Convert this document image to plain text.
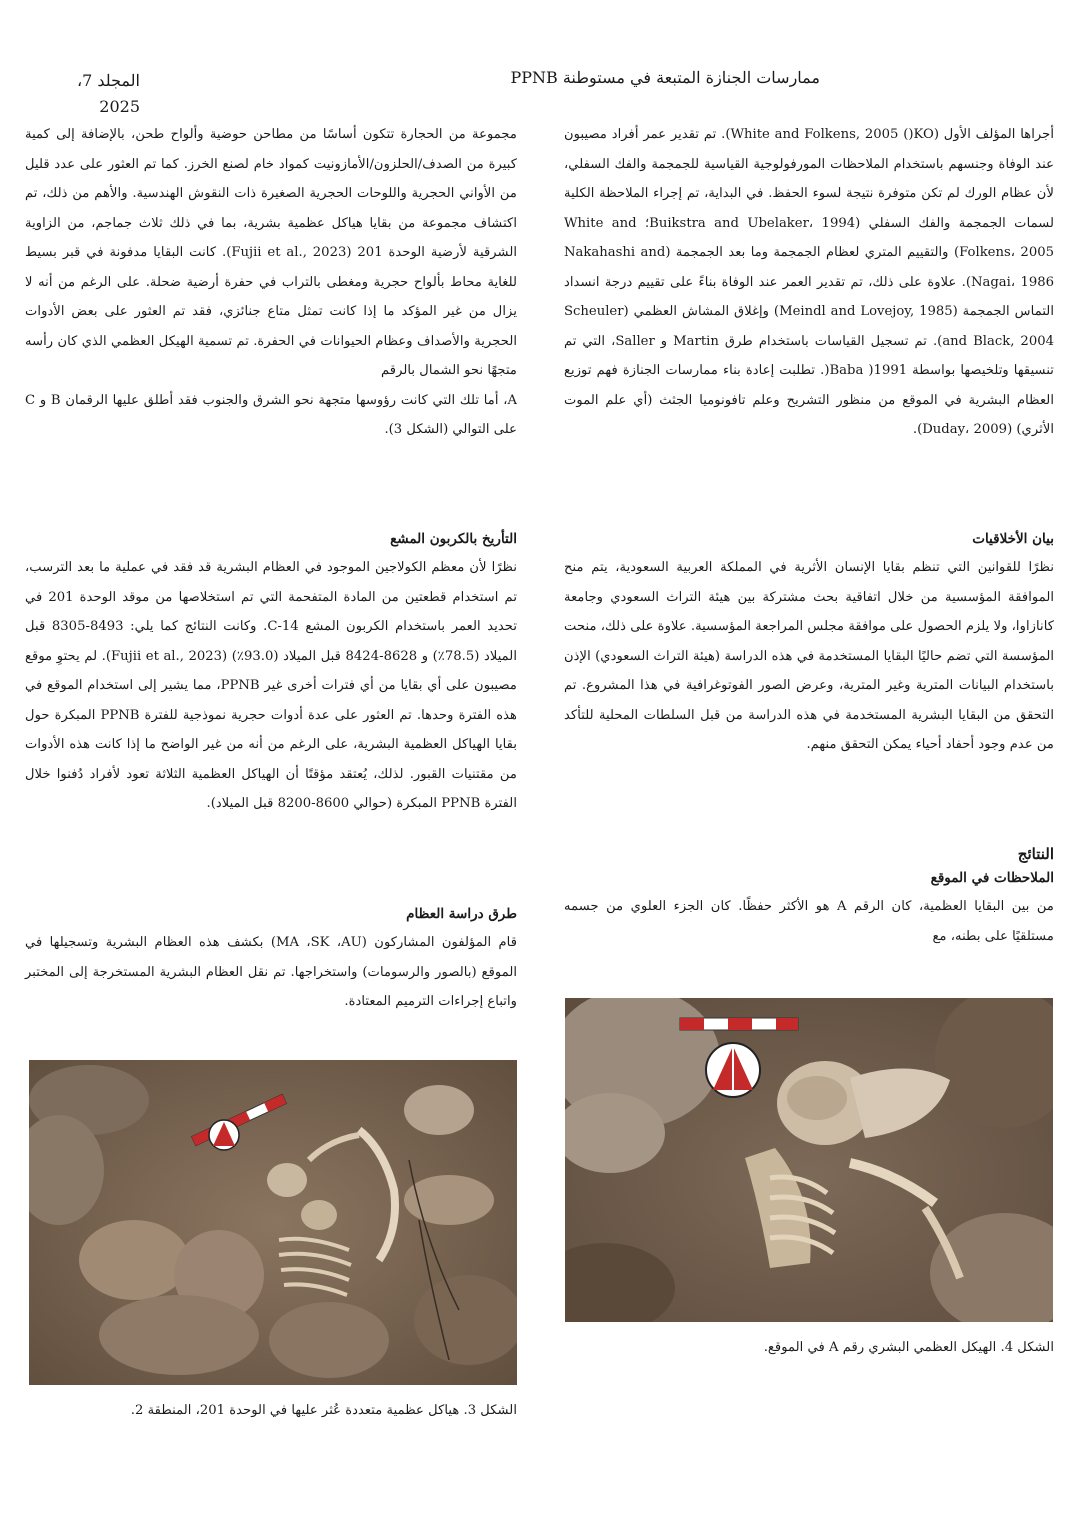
ممارسات الجنازة المتبعة في مستوطنة PPNB
المجلد 7،
2025

أجراها المؤلف الأول (White and Folkens, 2005 ()KO). تم تقدير عمر أفراد مصيبون عند الوفاة وجنسهم باستخدام الملاحظات المورفولوجية القياسية للجمجمة والفك السفلي، لأن عظام الورك لم تكن متوفرة نتيجة لسوء الحفظ. في البداية، تم إجراء الملاحظة الكلية لسمات الجمجمة والفك السفلي (Buikstra and Ubelaker، 1994؛ White and Folkens، 2005) والتقييم المتري لعظام الجمجمة وما بعد الجمجمة (Nakahashi and Nagai، 1986). علاوة على ذلك، تم تقدير العمر عند الوفاة بناءً على تقييم درجة انسداد التماس الجمجمة (Meindl and Lovejoy, 1985) وإغلاق المشاش العظمي (Scheuler and Black, 2004). تم تسجيل القياسات باستخدام طرق Martin و Saller، التي تم تنسيقها وتلخيصها بواسطة Baba )1991(. تطلبت إعادة بناء ممارسات الجنازة فهم توزيع العظام البشرية في الموقع من منظور التشريح وعلم تافونوميا الجثث (أي علم الموت الأثري) (Duday، 2009).

بيان الأخلاقيات

نظرًا للقوانين التي تنظم بقايا الإنسان الأثرية في المملكة العربية السعودية، يتم منح الموافقة المؤسسية من خلال اتفاقية بحث مشتركة بين هيئة التراث السعودي وجامعة كانازاوا، ولا يلزم الحصول على موافقة مجلس المراجعة المؤسسية. علاوة على ذلك، منحت المؤسسة التي تضم حاليًا البقايا المستخدمة في هذه الدراسة (هيئة التراث السعودي) الإذن باستخدام البيانات المترية وغير المترية، وعرض الصور الفوتوغرافية في هذا المشروع. تم التحقق من البقايا البشرية المستخدمة في هذه الدراسة من قبل السلطات المحلية للتأكد من عدم وجود أحفاد أحياء يمكن التحقق منهم.

النتائج
الملاحظات في الموقع

من بين البقايا العظمية، كان الرقم A هو الأكثر حفظًا. كان الجزء العلوي من جسمه مستلقيًا على بطنه، مع

الشكل 4. الهيكل العظمي البشري رقم A في الموقع.

مجموعة من الحجارة تتكون أساسًا من مطاحن حوضية وألواح طحن، بالإضافة إلى كمية كبيرة من الصدف/الحلزون/الأمازونيت كمواد خام لصنع الخرز. كما تم العثور على عدد قليل من الأواني الحجرية واللوحات الحجرية الصغيرة ذات النقوش الهندسية. والأهم من ذلك، تم اكتشاف مجموعة من بقايا هياكل عظمية بشرية، بما في ذلك ثلاث جماجم، من الزاوية الشرقية لأرضية الوحدة 201 (Fujii et al., 2023). كانت البقايا مدفونة في قبر بسيط للغاية محاط بألواح حجرية ومغطى بالتراب في حفرة أرضية ضحلة. على الرغم من أنه لا يزال من غير المؤكد ما إذا كانت تمثل متاع جنائزي، فقد تم العثور على بعض الأدوات الحجرية والأصداف وعظام الحيوانات في الحفرة. تم تسمية الهيكل العظمي الذي كان رأسه متجهًا نحو الشمال بالرقم

A، أما تلك التي كانت رؤوسها متجهة نحو الشرق والجنوب فقد أطلق عليها الرقمان B و C على التوالي (الشكل 3).

التأريخ بالكربون المشع

نظرًا لأن معظم الكولاجين الموجود في العظام البشرية قد فقد في عملية ما بعد الترسب، تم استخدام قطعتين من المادة المتفحمة التي تم استخلاصها من موقد الوحدة 201 في تحديد العمر باستخدام الكربون المشع C-14. وكانت النتائج كما يلي: 8493-8305 قبل الميلاد (78.5٪) و 8628-8424 قبل الميلاد (93.0٪) (Fujii et al., 2023). لم يحتوِ موقع مصيبون على أي بقايا من أي فترات أخرى غير PPNB، مما يشير إلى استخدام الموقع في هذه الفترة وحدها. تم العثور على عدة أدوات حجرية نموذجية للفترة PPNB المبكرة حول بقايا الهياكل العظمية البشرية، على الرغم من أنه من غير الواضح ما إذا كانت هذه الأدوات من مقتنيات القبور. لذلك، يُعتقد مؤقتًا أن الهياكل العظمية الثلاثة تعود لأفراد دُفنوا خلال الفترة PPNB المبكرة (حوالي 8600-8200 قبل الميلاد).

طرق دراسة العظام

قام المؤلفون المشاركون (MA ،SK ،AU) بكشف هذه العظام البشرية وتسجيلها في الموقع (بالصور والرسومات) واستخراجها. تم نقل العظام البشرية المستخرجة إلى المختبر واتباع إجراءات الترميم المعتادة.

الشكل 3. هياكل عظمية متعددة عُثر عليها في الوحدة 201، المنطقة 2.
